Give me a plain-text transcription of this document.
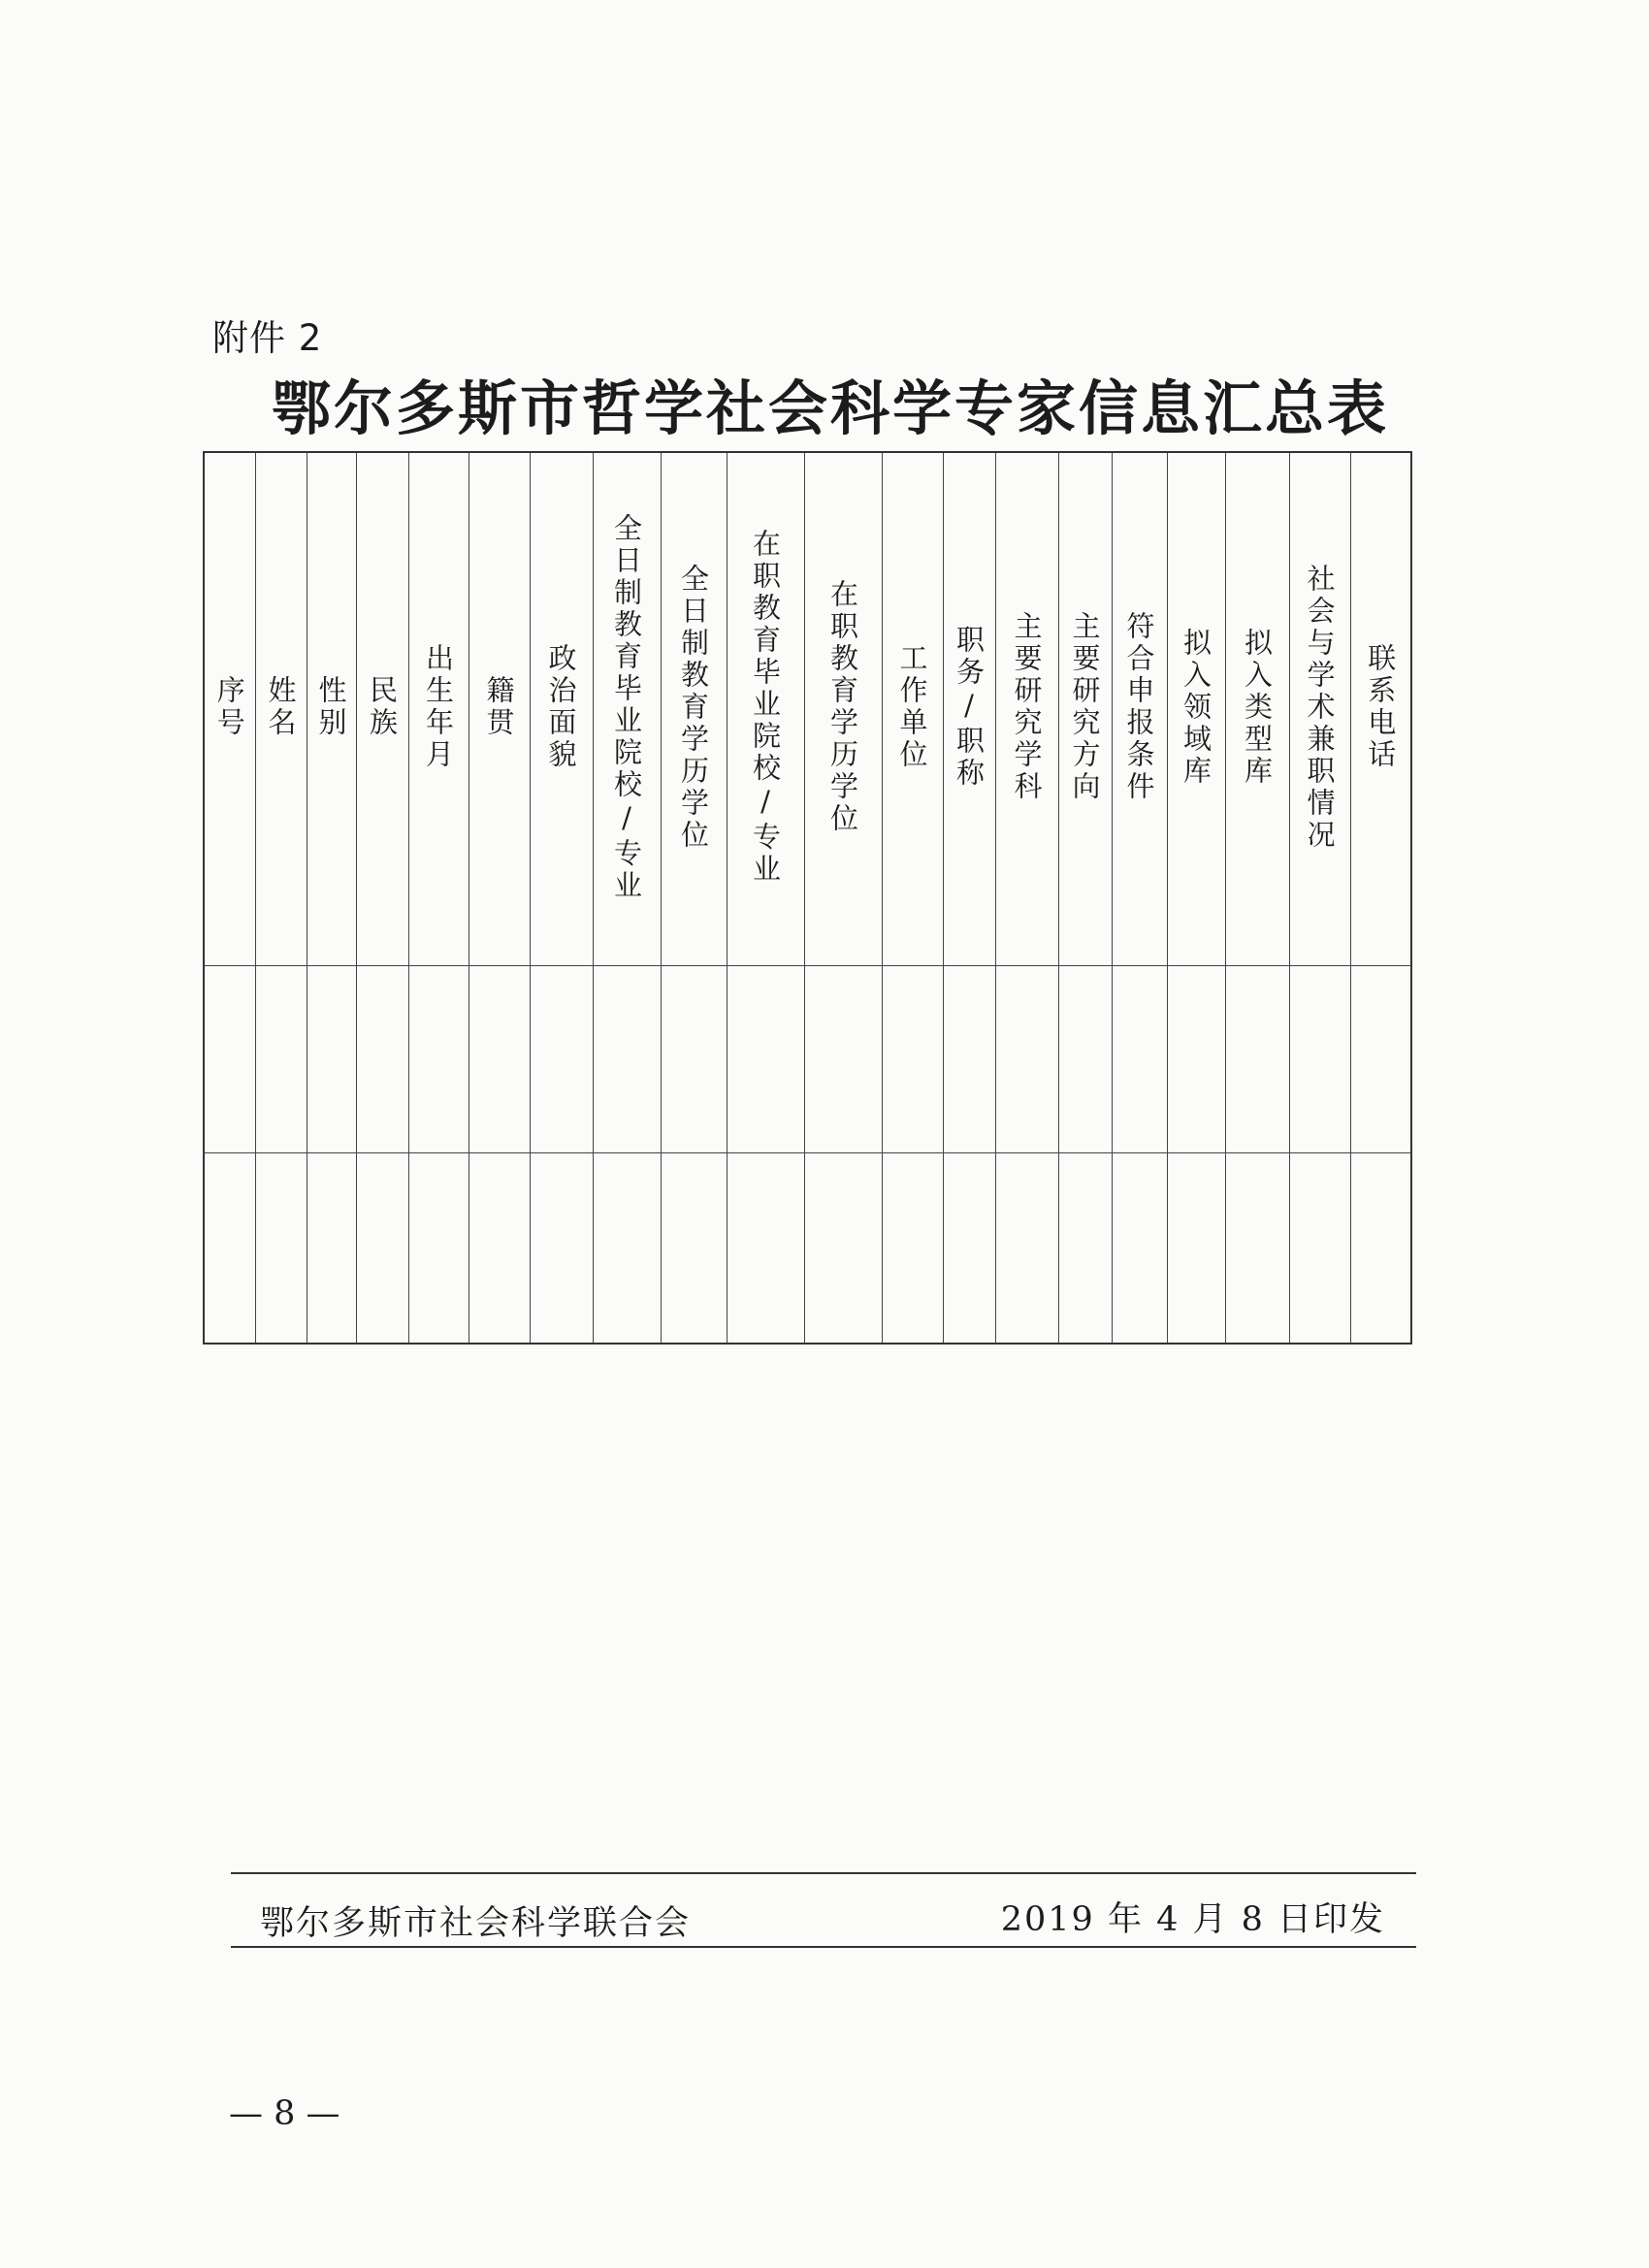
附件 2
鄂尔多斯市哲学社会科学专家信息汇总表
序号	姓名	性别	民族	出生年月	籍贯	政治面貌	全日制教育毕业院校/专业	全日制教育学历学位	在职教育毕业院校/专业	在职教育学历学位	工作单位	职务/职称	主要研究学科	主要研究方向	符合申报条件	拟入领域库	拟入类型库	社会与学术兼职情况	联系电话

鄂尔多斯市社会科学联合会	2019 年 4 月 8 日印发
— 8 —
